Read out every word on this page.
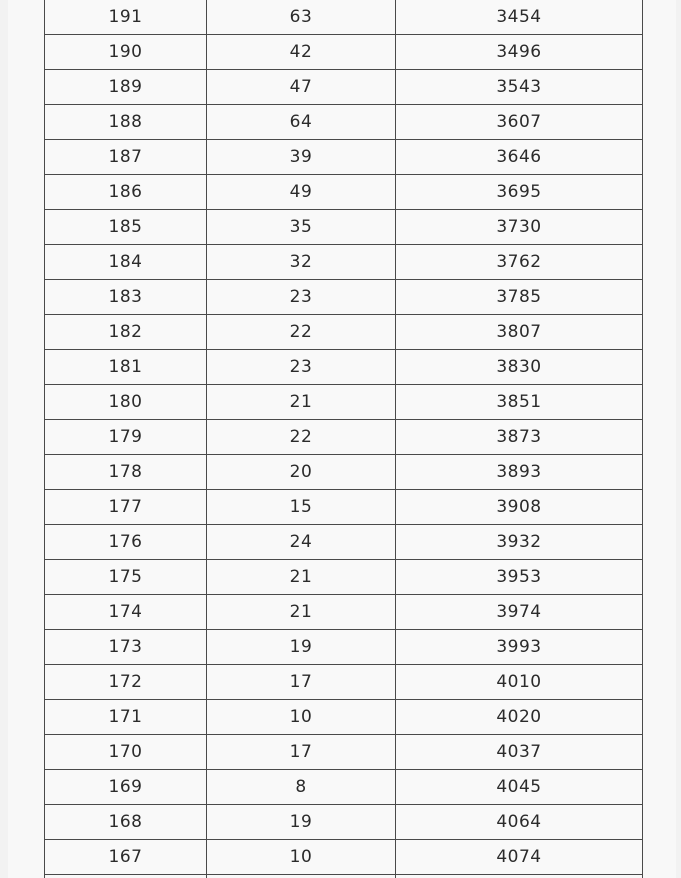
191	63	3454
190	42	3496
189	47	3543
188	64	3607
187	39	3646
186	49	3695
185	35	3730
184	32	3762
183	23	3785
182	22	3807
181	23	3830
180	21	3851
179	22	3873
178	20	3893
177	15	3908
176	24	3932
175	21	3953
174	21	3974
173	19	3993
172	17	4010
171	10	4020
170	17	4037
169	8	4045
168	19	4064
167	10	4074
